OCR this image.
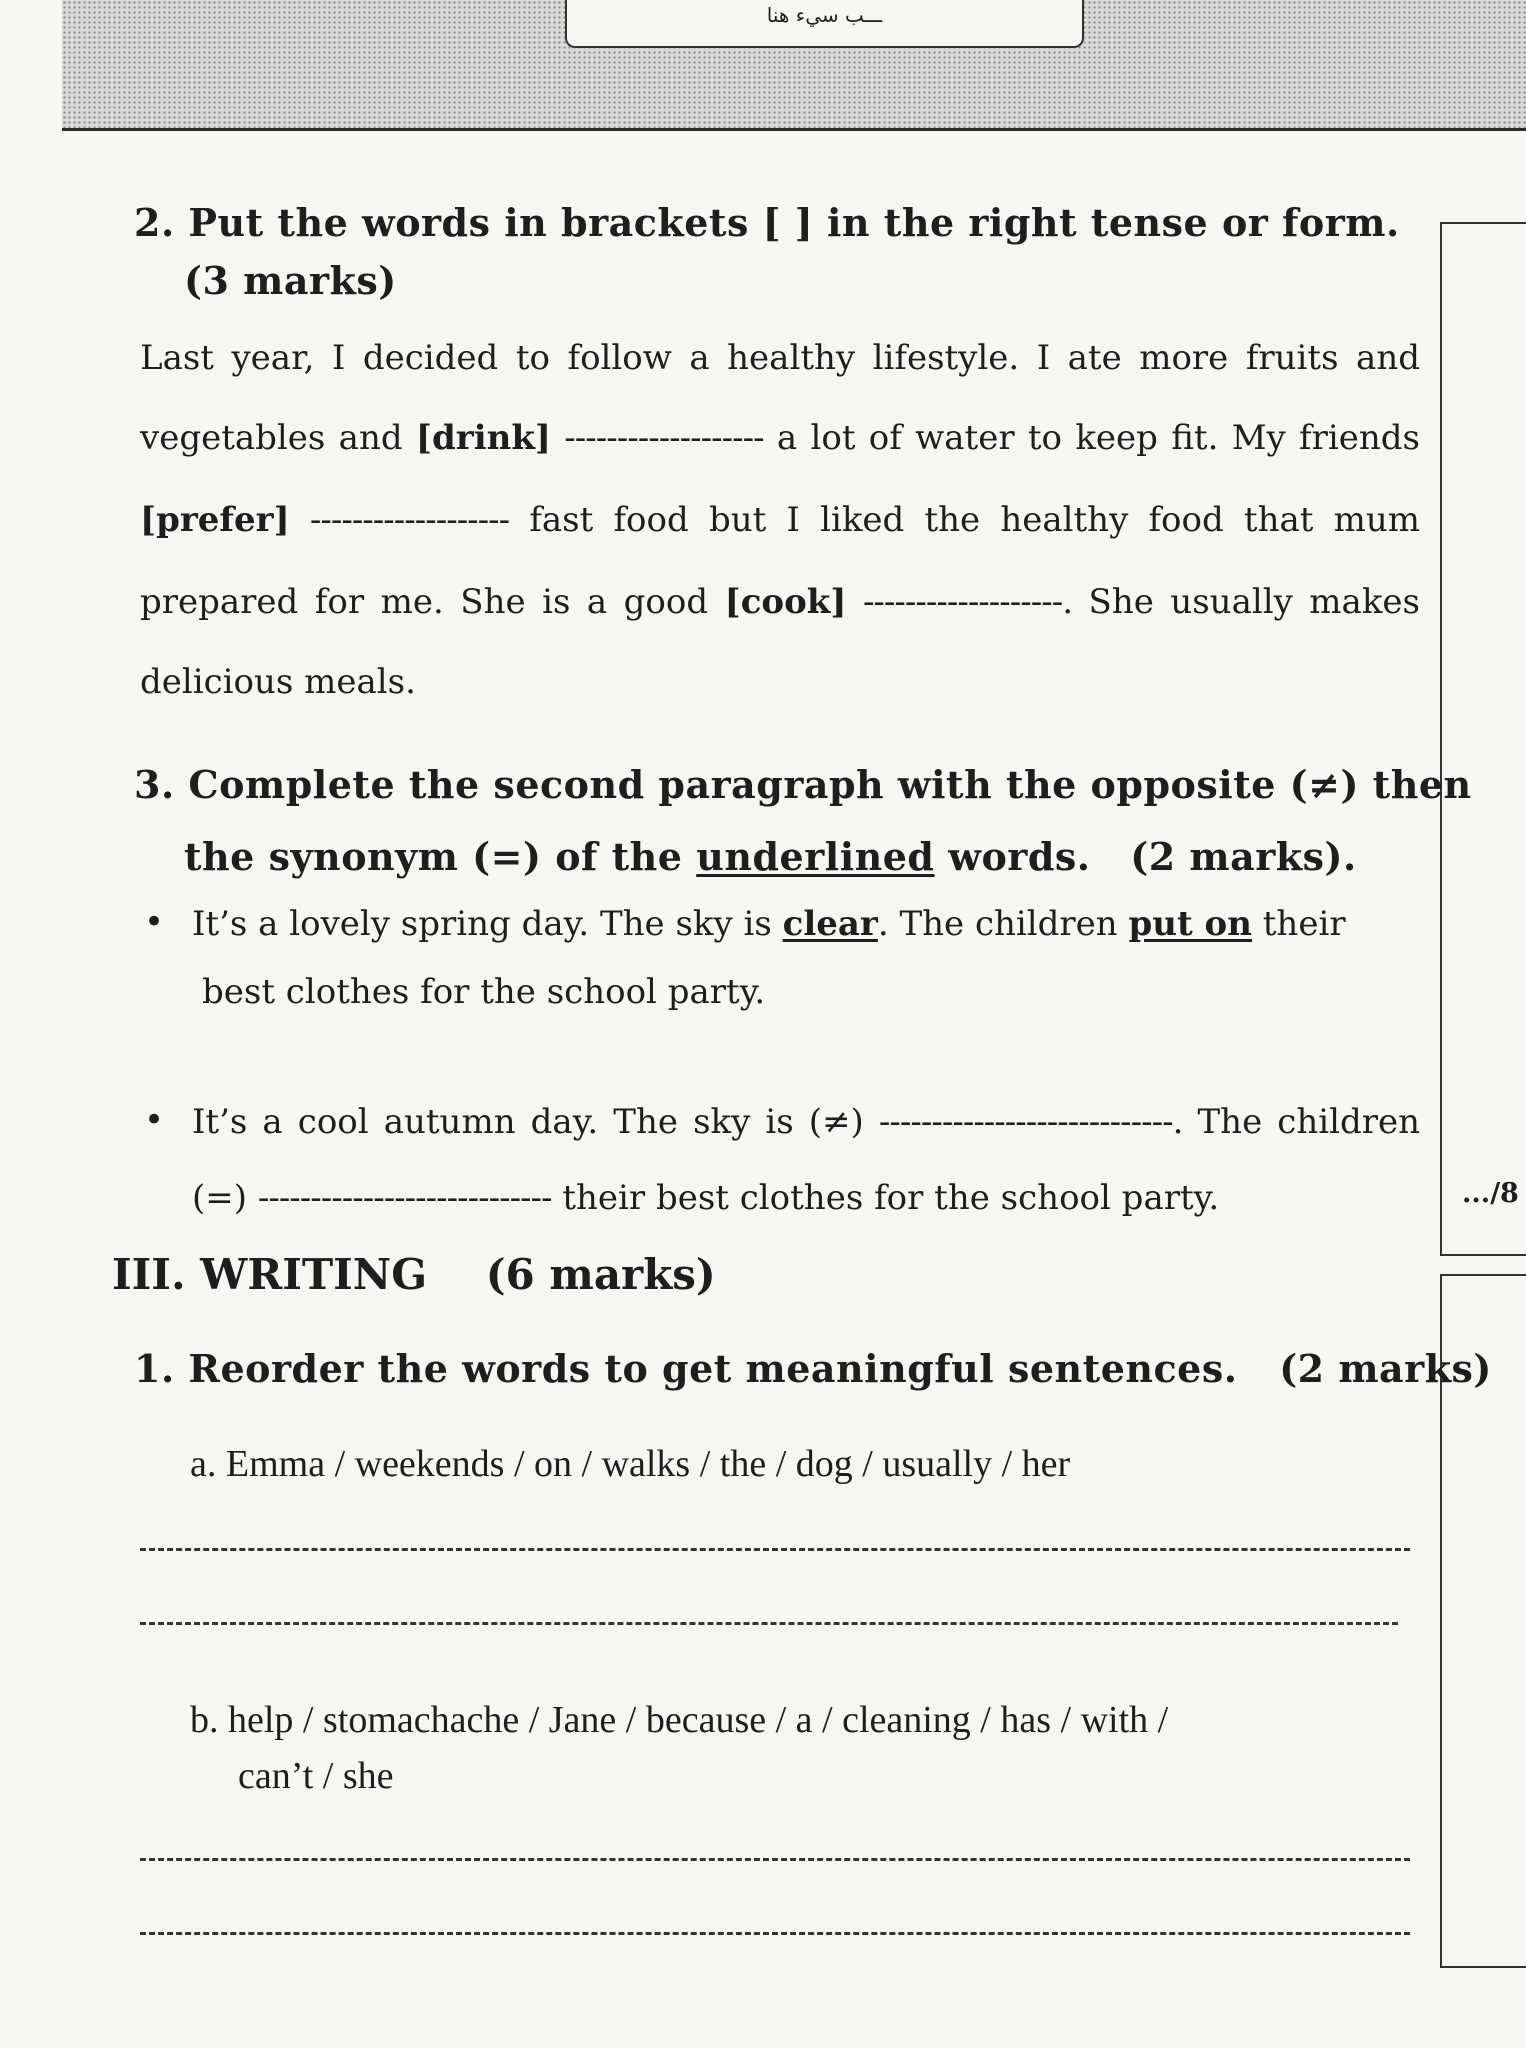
ـــب سيء هنا
.../8
2. Put the words in brackets [ ] in the right tense or form.
(3 marks)
Last year, I decided to follow a healthy lifestyle. I ate more fruits and
vegetables and [drink] ------------------- a lot of water to keep fit. My friends
[prefer] ------------------- fast food but I liked the healthy food that mum
prepared for me. She is a good [cook] -------------------. She usually makes
delicious meals.
3. Complete the second paragraph with the opposite (≠) then
the synonym (=) of the underlined words. (2 marks).
• It’s a lovely spring day. The sky is clear. The children put on their
best clothes for the school party.
• It’s a cool autumn day. The sky is (≠) ----------------------------. The children
(=) ---------------------------- their best clothes for the school party.
III. WRITING (6 marks)
1. Reorder the words to get meaningful sentences. (2 marks)
a. Emma / weekends / on / walks / the / dog / usually / her
b. help / stomachache / Jane / because / a / cleaning / has / with /
can’t / she
